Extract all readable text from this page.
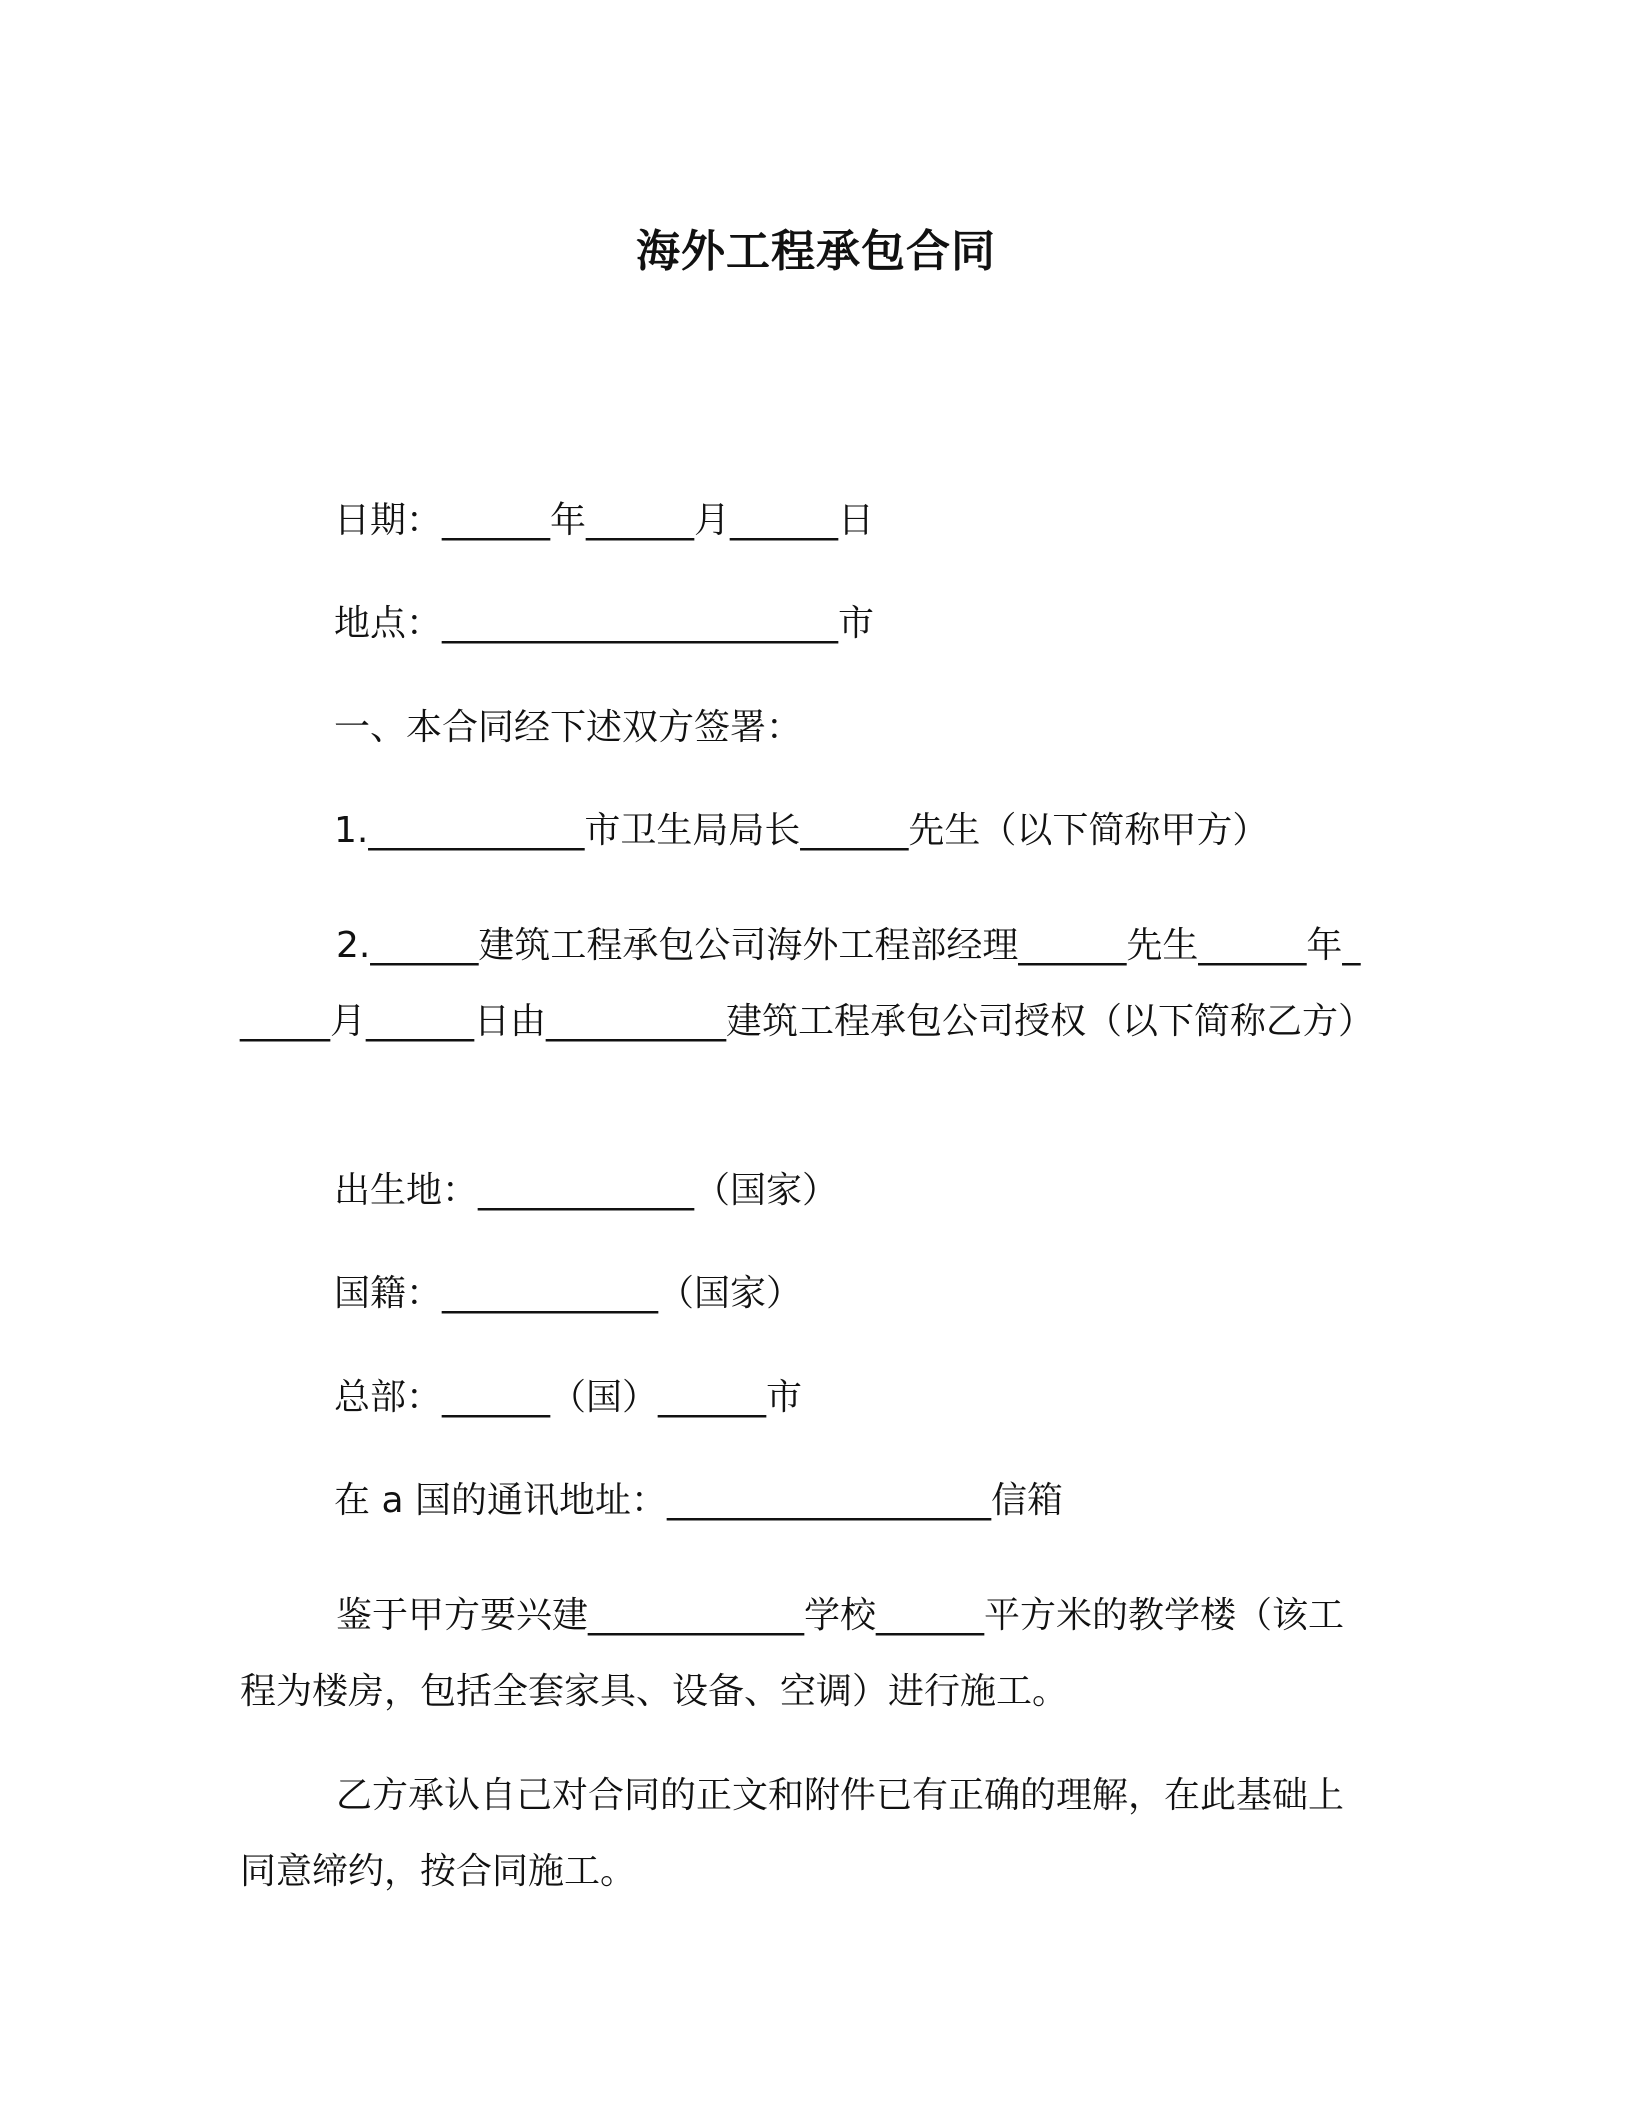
海外工程承包合同
日期：______年______月______日
地点：______________________市
一、本合同经下述双方签署：
1.____________市卫生局局长______先生（以下简称甲方）
2.______建筑工程承包公司海外工程部经理______先生______年______月______日由__________建筑工程承包公司授权（以下简称乙方）
出生地：____________（国家）
国籍：____________（国家）
总部：______（国）______市
在 a 国的通讯地址：__________________信箱
鉴于甲方要兴建____________学校______平方米的教学楼（该工程为楼房，包括全套家具、设备、空调）进行施工。
乙方承认自己对合同的正文和附件已有正确的理解，在此基础上同意缔约，按合同施工。
